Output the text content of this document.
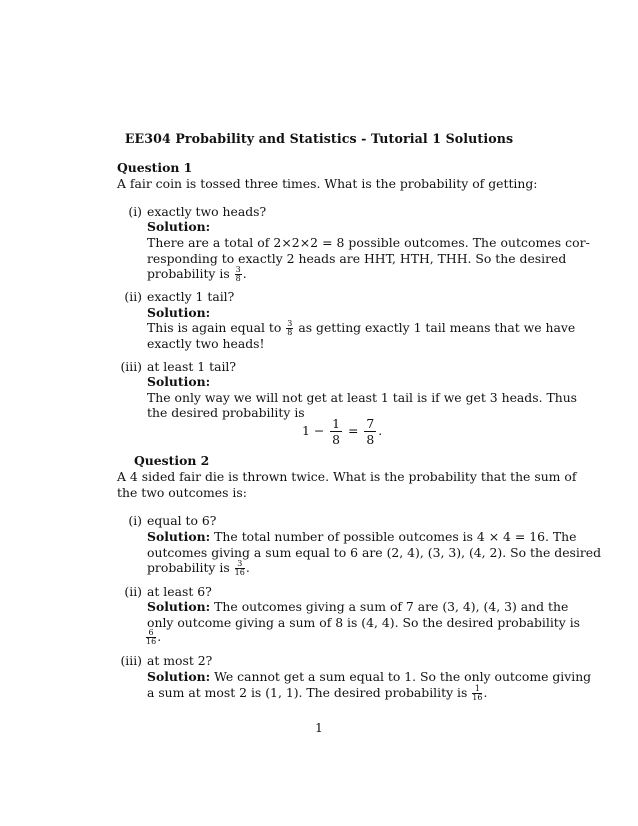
EE304 Probability and Statistics - Tutorial 1 Solutions
Question 1
A fair coin is tossed three times. What is the probability of getting:
(i) exactly two heads?
Solution:
There are a total of 2×2×2 = 8 possible outcomes. The outcomes cor-
responding to exactly 2 heads are HHT, HTH, THH. So the desired
probability is $\frac{3}{8}$ .
(ii) exactly 1 tail?
Solution:
This is again equal to $\frac{3}{8}$ as getting exactly 1 tail means that we have
exactly two heads!
(iii) at least 1 tail?
Solution:
The only way we will not get at least 1 tail is if we get 3 heads. Thus
the desired probability is
$1 - \frac{1}{8} = \frac{7}{8}$ .
Question 2
A 4 sided fair die is thrown twice. What is the probability that the sum of
the two outcomes is:
(i) equal to 6?
Solution: The total number of possible outcomes is 4 × 4 = 16. The
outcomes giving a sum equal to 6 are (2, 4), (3, 3), (4, 2). So the desired
probability is $\frac{3}{16}$ .
(ii) at least 6?
Solution: The outcomes giving a sum of 7 are (3, 4), (4, 3) and the
only outcome giving a sum of 8 is (4, 4). So the desired probability is
$\frac{6}{16}$ .
(iii) at most 2?
Solution: We cannot get a sum equal to 1. So the only outcome giving
a sum at most 2 is (1, 1). The desired probability is $\frac{1}{16}$ .
1
